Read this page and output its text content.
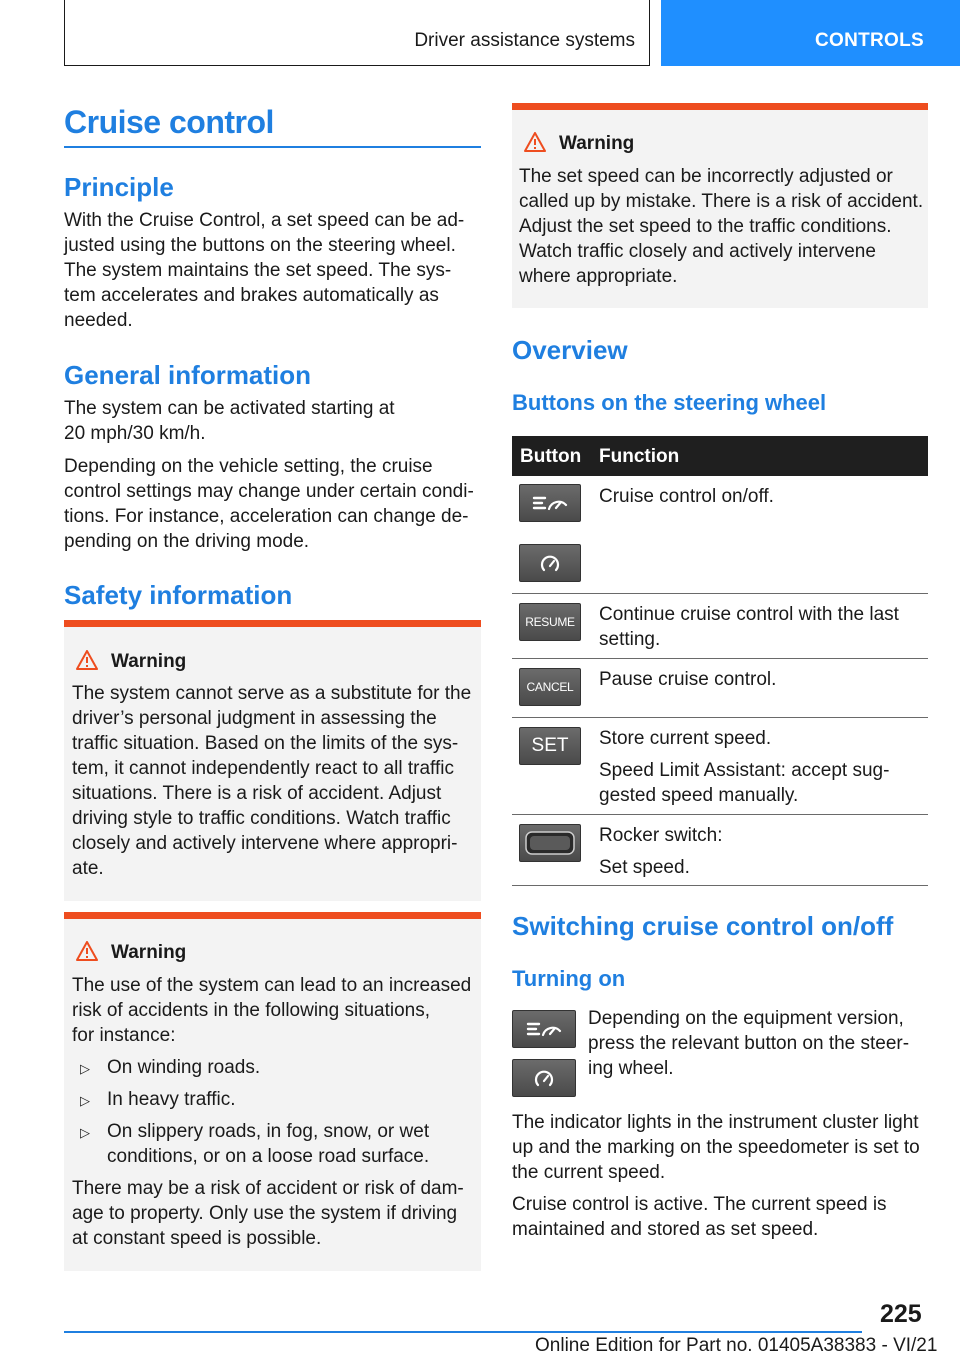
Driver assistance systems	CONTROLS
Cruise control
Principle
With the Cruise Control, a set speed can be ad‐
justed using the buttons on the steering wheel.
The system maintains the set speed. The sys‐
tem accelerates and brakes automatically as
needed.
General information
The system can be activated starting at
20 mph/30 km/h.
Depending on the vehicle setting, the cruise
control settings may change under certain condi‐
tions. For instance, acceleration can change de‐
pending on the driving mode.
Safety information
Warning
The system cannot serve as a substitute for the
driver’s personal judgment in assessing the
traffic situation. Based on the limits of the sys‐
tem, it cannot independently react to all traffic
situations. There is a risk of accident. Adjust
driving style to traffic conditions. Watch traffic
closely and actively intervene where appropri‐
ate.
Warning
The use of the system can lead to an increased
risk of accidents in the following situations,
for instance:
▷ On winding roads.
▷ In heavy traffic.
▷ On slippery roads, in fog, snow, or wet
conditions, or on a loose road surface.
There may be a risk of accident or risk of dam‐
age to property. Only use the system if driving
at constant speed is possible.
Warning
The set speed can be incorrectly adjusted or
called up by mistake. There is a risk of accident.
Adjust the set speed to the traffic conditions.
Watch traffic closely and actively intervene
where appropriate.
Overview
Buttons on the steering wheel
Button Function
Cruise control on/off.
RESUME Continue cruise control with the last
setting.
CANCEL Pause cruise control.
SET Store current speed.
Speed Limit Assistant: accept sug‐
gested speed manually.
Rocker switch:
Set speed.
Switching cruise control on/off
Turning on
Depending on the equipment version,
press the relevant button on the steer‐
ing wheel.
The indicator lights in the instrument cluster light
up and the marking on the speedometer is set to
the current speed.
Cruise control is active. The current speed is
maintained and stored as set speed.
225
Online Edition for Part no. 01405A38383 - VI/21
